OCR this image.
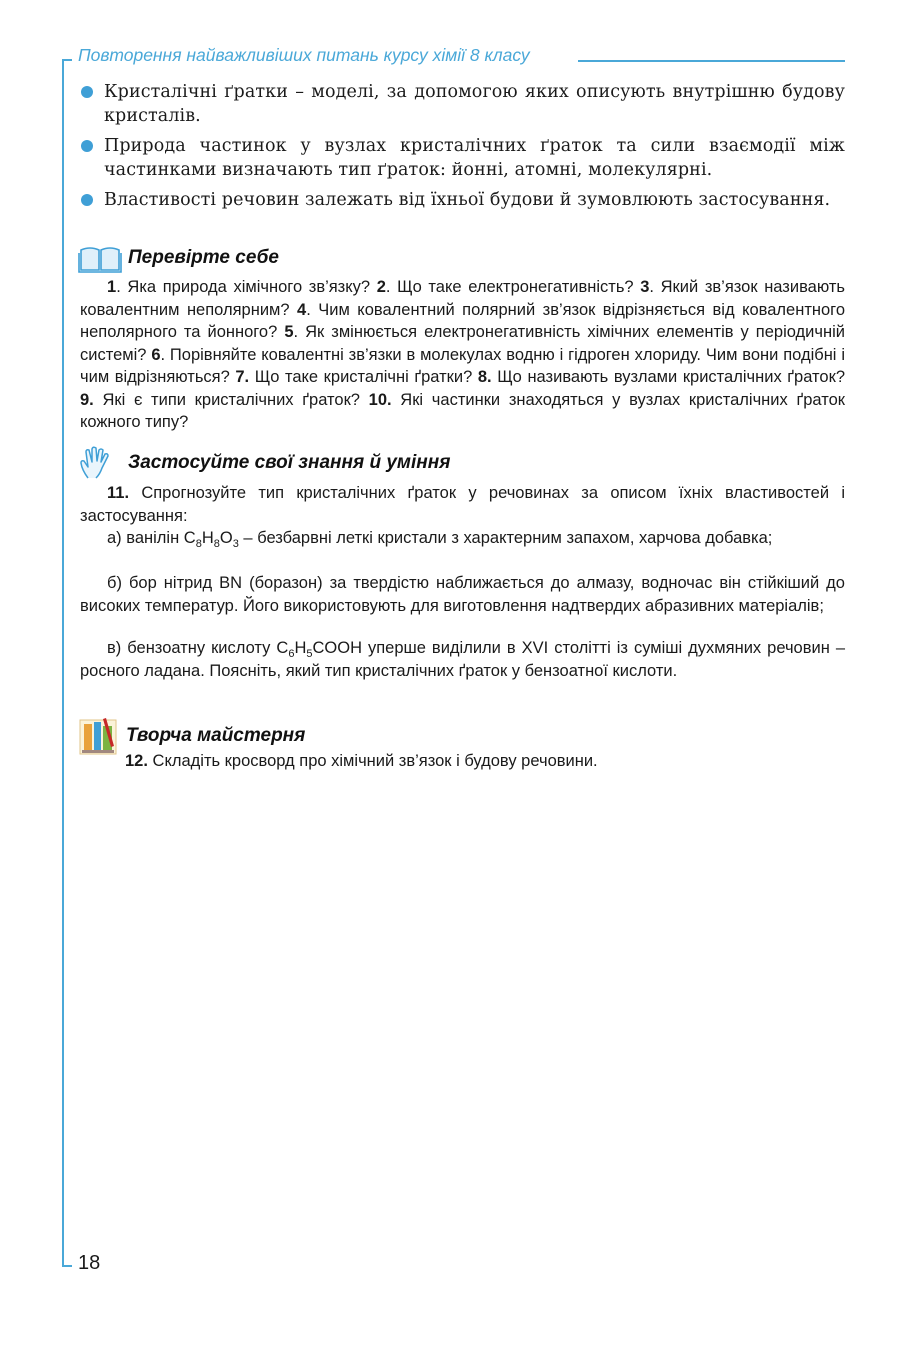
Повторення найважливіших питань курсу хімії 8 класу
Кристалічні ґратки – моделі, за допомогою яких описують внутрішню будову кристалів.
Природа частинок у вузлах кристалічних ґраток та сили взаємодії між частинками визначають тип ґраток: йонні, атомні, молекулярні.
Властивості речовин залежать від їхньої будови й зумовлюють застосування.
Перевірте себе

1. Яка природа хімічного зв’язку? 2. Що таке електронегативність? 3. Який зв’язок називають ковалентним неполярним? 4. Чим ковалентний полярний зв’язок відрізняється від ковалентного неполярного та йонного? 5. Як змінюється електронегативність хімічних елементів у періодичній системі? 6. Порівняйте ковалентні зв’язки в молекулах водню і гідроген хлориду. Чим вони подібні і чим відрізняються? 7. Що таке кристалічні ґратки? 8. Що називають вузлами кристалічних ґраток? 9. Які є типи кристалічних ґраток? 10. Які частинки знаходяться у вузлах кристалічних ґраток кожного типу?

Застосуйте свої знання й уміння

11. Спрогнозуйте тип кристалічних ґраток у речовинах за описом їхніх властивостей і застосування:

а) ванілін $C_8H_8O_3$ – безбарвні леткі кристали з характерним запахом, харчова добавка;

б) бор нітрид BN (боразон) за твердістю наближається до алмазу, водночас він стійкіший до високих температур. Його використовують для виготовлення надтвердих абразивних матеріалів;

в) бензоатну кислоту $C_6H_5COOH$ уперше виділили в XVI столітті із суміші духмяних речовин – росного ладана. Поясніть, який тип кристалічних ґраток у бензоатної кислоти.

Творча майстерня

12. Складіть кросворд про хімічний зв’язок і будову речовини.

18
